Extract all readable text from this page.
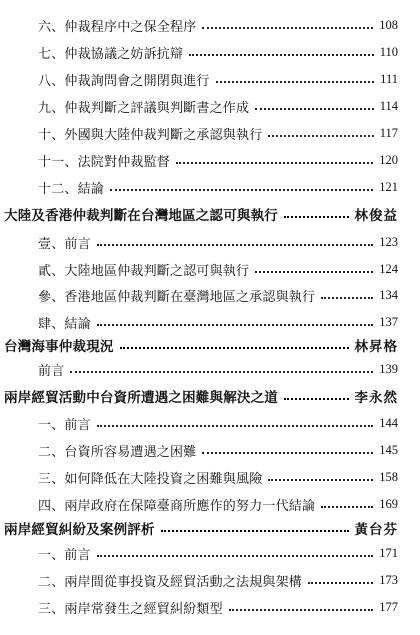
六、仲裁程序中之保全程序	108
七、仲裁協議之妨訴抗辯	110
八、仲裁詢問會之開閉與進行	111
九、仲裁判斷之評議與判斷書之作成	114
十、外國與大陸仲裁判斷之承認與執行	117
十一、法院對仲裁監督	120
十二、結論	121
大陸及香港仲裁判斷在台灣地區之認可與執行	林俊益
壹、前言	123
貳、大陸地區仲裁判斷之認可與執行	124
參、香港地區仲裁判斷在臺灣地區之承認與執行	134
肆、結論	137
台灣海事仲裁現況	林昇格
前言	139
兩岸經貿活動中台資所遭遇之困難與解決之道	李永然
一、前言	144
二、台資所容易遭遇之困難	145
三、如何降低在大陸投資之困難與風險	158
四、兩岸政府在保障臺商所應作的努力一代結論	169
兩岸經貿糾紛及案例評析	黃台芬
一、前言	171
二、兩岸間從事投資及經貿活動之法規與架構	173
三、兩岸常發生之經貿糾紛類型	177
